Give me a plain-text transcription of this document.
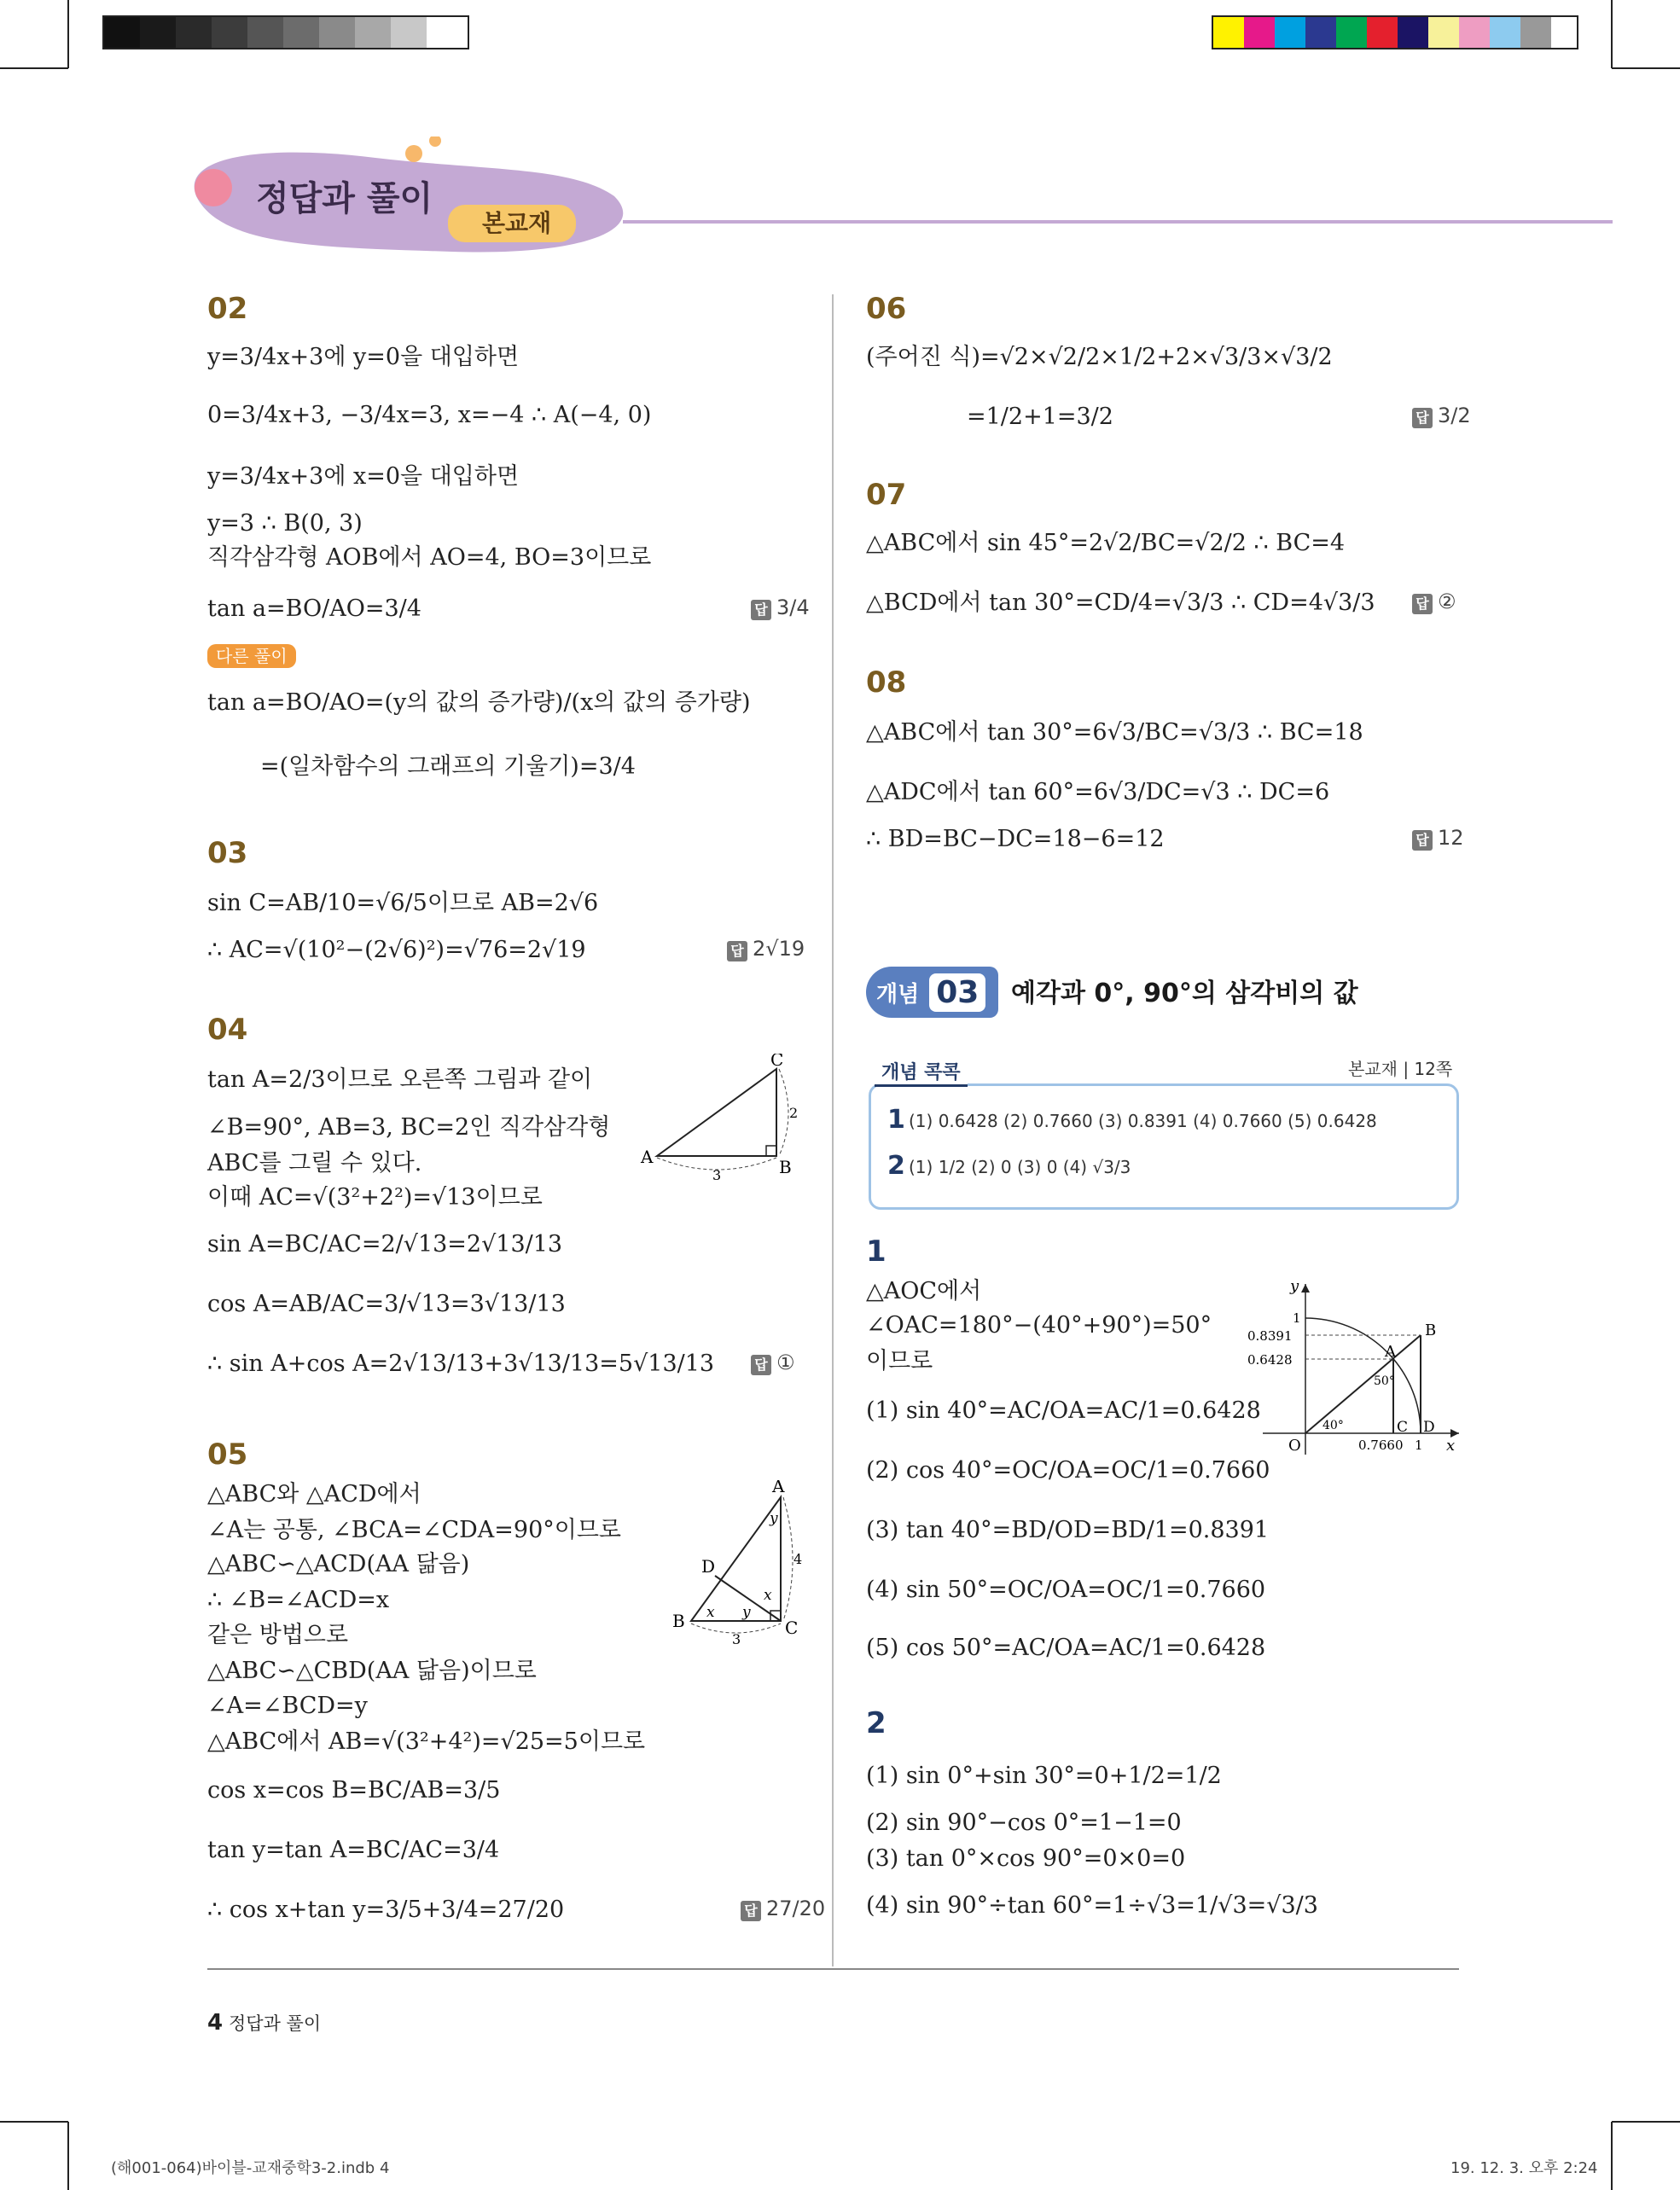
정답과 풀이
본교재
02
y=3/4x+3에 y=0을 대입하면
0=3/4x+3, −3/4x=3, x=−4 ∴ A(−4, 0)
y=3/4x+3에 x=0을 대입하면
y=3 ∴ B(0, 3)
직각삼각형 AOB에서 AO=4, BO=3이므로
tan a=BO/AO=3/4	답 3/4
다른 풀이
tan a=BO/AO=(y의 값의 증가량)/(x의 값의 증가량)
=(일차함수의 그래프의 기울기)=3/4
03
sin C=AB/10=√6/5이므로 AB=2√6
∴ AC=√(10²−(2√6)²)=√76=2√19	답 2√19
04
tan A=2/3이므로 오른쪽 그림과 같이
∠B=90°, AB=3, BC=2인 직각삼각형
ABC를 그릴 수 있다.
이때 AC=√(3²+2²)=√13이므로
sin A=BC/AC=2/√13=2√13/13
cos A=AB/AC=3/√13=3√13/13
∴ sin A+cos A=2√13/13+3√13/13=5√13/13	답 ①
A	B
C
3
2
05
△ABC와 △ACD에서
∠A는 공통, ∠BCA=∠CDA=90°이므로
△ABC∽△ACD(AA 닮음)
∴ ∠B=∠ACD=x
같은 방법으로
△ABC∽△CBD(AA 닮음)이므로
∠A=∠BCD=y
△ABC에서 AB=√(3²+4²)=√25=5이므로
cos x=cos B=BC/AB=3/5
tan y=tan A=BC/AC=3/4
∴ cos x+tan y=3/5+3/4=27/20	답 27/20
A
B	C
D
x
x
y
y
4
3
06
(주어진 식)=√2×√2/2×1/2+2×√3/3×√3/2
=1/2+1=3/2	답 3/2
07
△ABC에서 sin 45°=2√2/BC=√2/2 ∴ BC=4
△BCD에서 tan 30°=CD/4=√3/3 ∴ CD=4√3/3	답 ②
08
△ABC에서 tan 30°=6√3/BC=√3/3 ∴ BC=18
△ADC에서 tan 60°=6√3/DC=√3 ∴ DC=6
∴ BD=BC−DC=18−6=12	답 12
개념 03 예각과 0°, 90°의 삼각비의 값
개념 콕콕	본교재 | 12쪽
1 (1) 0.6428 (2) 0.7660 (3) 0.8391 (4) 0.7660 (5) 0.6428
2 (1) 1/2 (2) 0 (3) 0 (4) √3/3
1
△AOC에서
∠OAC=180°−(40°+90°)=50°
이므로
(1) sin 40°=AC/OA=AC/1=0.6428
(2) cos 40°=OC/OA=OC/1=0.7660
(3) tan 40°=BD/OD=BD/1=0.8391
(4) sin 50°=OC/OA=OC/1=0.7660
(5) cos 50°=AC/OA=AC/1=0.6428
y
x
O
A
B
C D
1
0.8391
0.6428
0.7660 1
40°
50°
2
(1) sin 0°+sin 30°=0+1/2=1/2
(2) sin 90°−cos 0°=1−1=0
(3) tan 0°×cos 90°=0×0=0
(4) sin 90°÷tan 60°=1÷√3=1/√3=√3/3
4 정답과 풀이
(해001-064)바이블-교재중학3-2.indb 4	19. 12. 3. 오후 2:24
